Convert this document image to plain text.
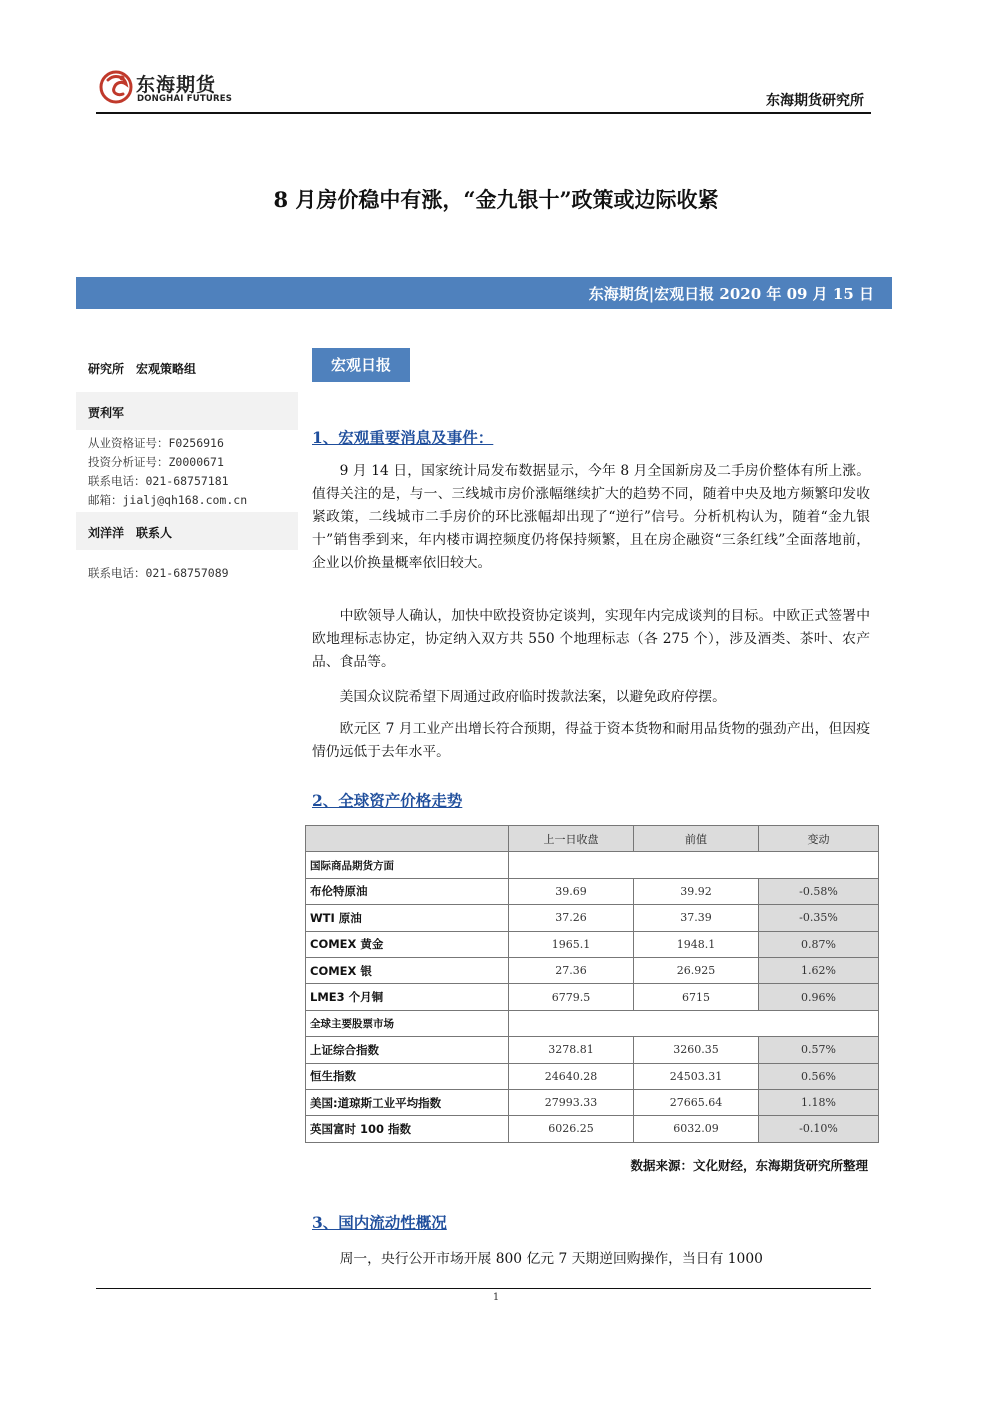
东海期货
DONGHAI FUTURES	东海期货研究所
8 月房价稳中有涨，“金九银十”政策或边际收紧
东海期货|宏观日报 2020 年 09 月 15 日
研究所　宏观策略组
贾利军
从业资格证号：F0256916
投资分析证号：Z0000671
联系电话：021-68757181
邮箱：jialj@qh168.com.cn
刘洋洋　联系人
联系电话：021-68757089
宏观日报
1、宏观重要消息及事件：

9 月 14 日，国家统计局发布数据显示，今年 8 月全国新房及二手房价整体有所上涨。值得关注的是，与一、三线城市房价涨幅继续扩大的趋势不同，随着中央及地方频繁印发收紧政策，二线城市二手房价的环比涨幅却出现了“逆行”信号。分析机构认为，随着“金九银十”销售季到来，年内楼市调控频度仍将保持频繁，且在房企融资“三条红线”全面落地前，企业以价换量概率依旧较大。

中欧领导人确认，加快中欧投资协定谈判，实现年内完成谈判的目标。中欧正式签署中欧地理标志协定，协定纳入双方共 550 个地理标志（各 275 个），涉及酒类、茶叶、农产品、食品等。

美国众议院希望下周通过政府临时拨款法案，以避免政府停摆。

欧元区 7 月工业产出增长符合预期，得益于资本货物和耐用品货物的强劲产出，但因疫情仍远低于去年水平。

2、全球资产价格走势
	上一日收盘	前值	变动
国际商品期货方面			
布伦特原油	39.69	39.92	-0.58%
WTI 原油	37.26	37.39	-0.35%
COMEX 黄金	1965.1	1948.1	0.87%
COMEX 银	27.36	26.925	1.62%
LME3 个月铜	6779.5	6715	0.96%
全球主要股票市场			
上证综合指数	3278.81	3260.35	0.57%
恒生指数	24640.28	24503.31	0.56%
美国:道琼斯工业平均指数	27993.33	27665.64	1.18%
英国富时 100 指数	6026.25	6032.09	-0.10%
数据来源：文化财经，东海期货研究所整理
3、国内流动性概况

周一，央行公开市场开展 800 亿元 7 天期逆回购操作，当日有 1000

1
